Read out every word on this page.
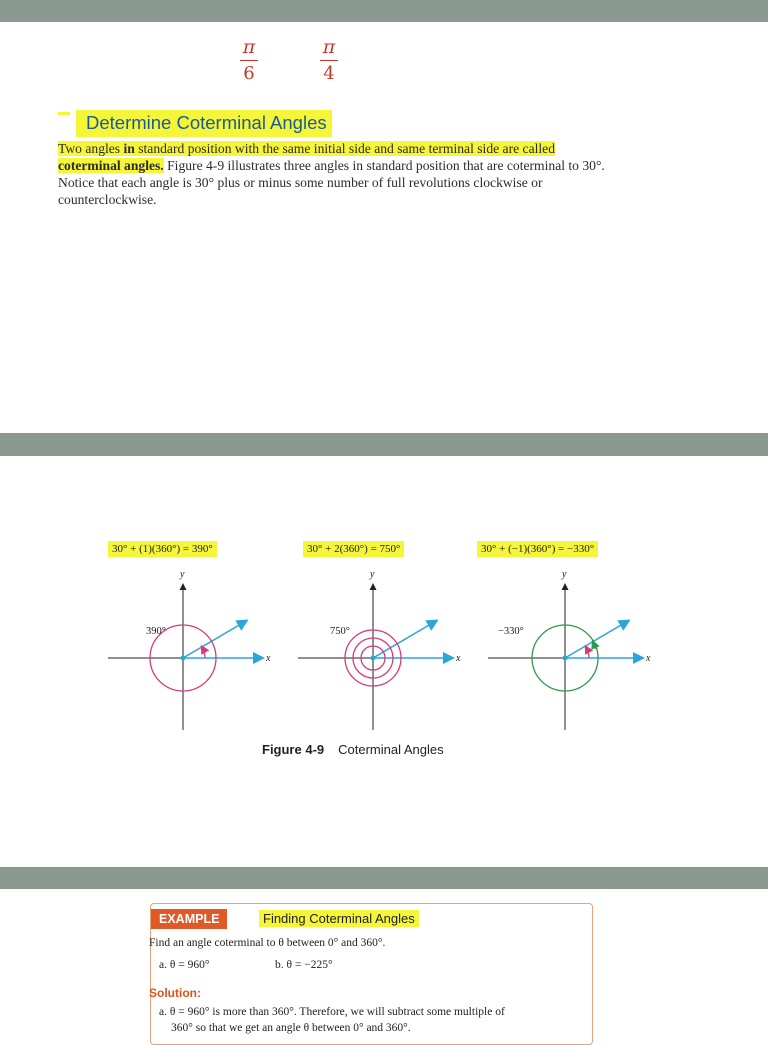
π
6
π
4
Determine Coterminal Angles
Two angles in standard position with the same initial side and same terminal side are called coterminal angles. Figure 4-9 illustrates three angles in standard position that are coterminal to 30°. Notice that each angle is 30° plus or minus some number of full revolutions clockwise or counterclockwise.
30° + (1)(360°) = 390°	30° + 2(360°) = 750°	30° + (−1)(360°) = −330°
y
x
390°
y
x
750°
y
x
−330°
Figure 4-9 Coterminal Angles
EXAMPLE	Finding Coterminal Angles
Find an angle coterminal to θ between 0° and 360°.
a. θ = 960°	b. θ = −225°
Solution:
a. θ = 960° is more than 360°. Therefore, we will subtract some multiple of
360° so that we get an angle θ between 0° and 360°.
